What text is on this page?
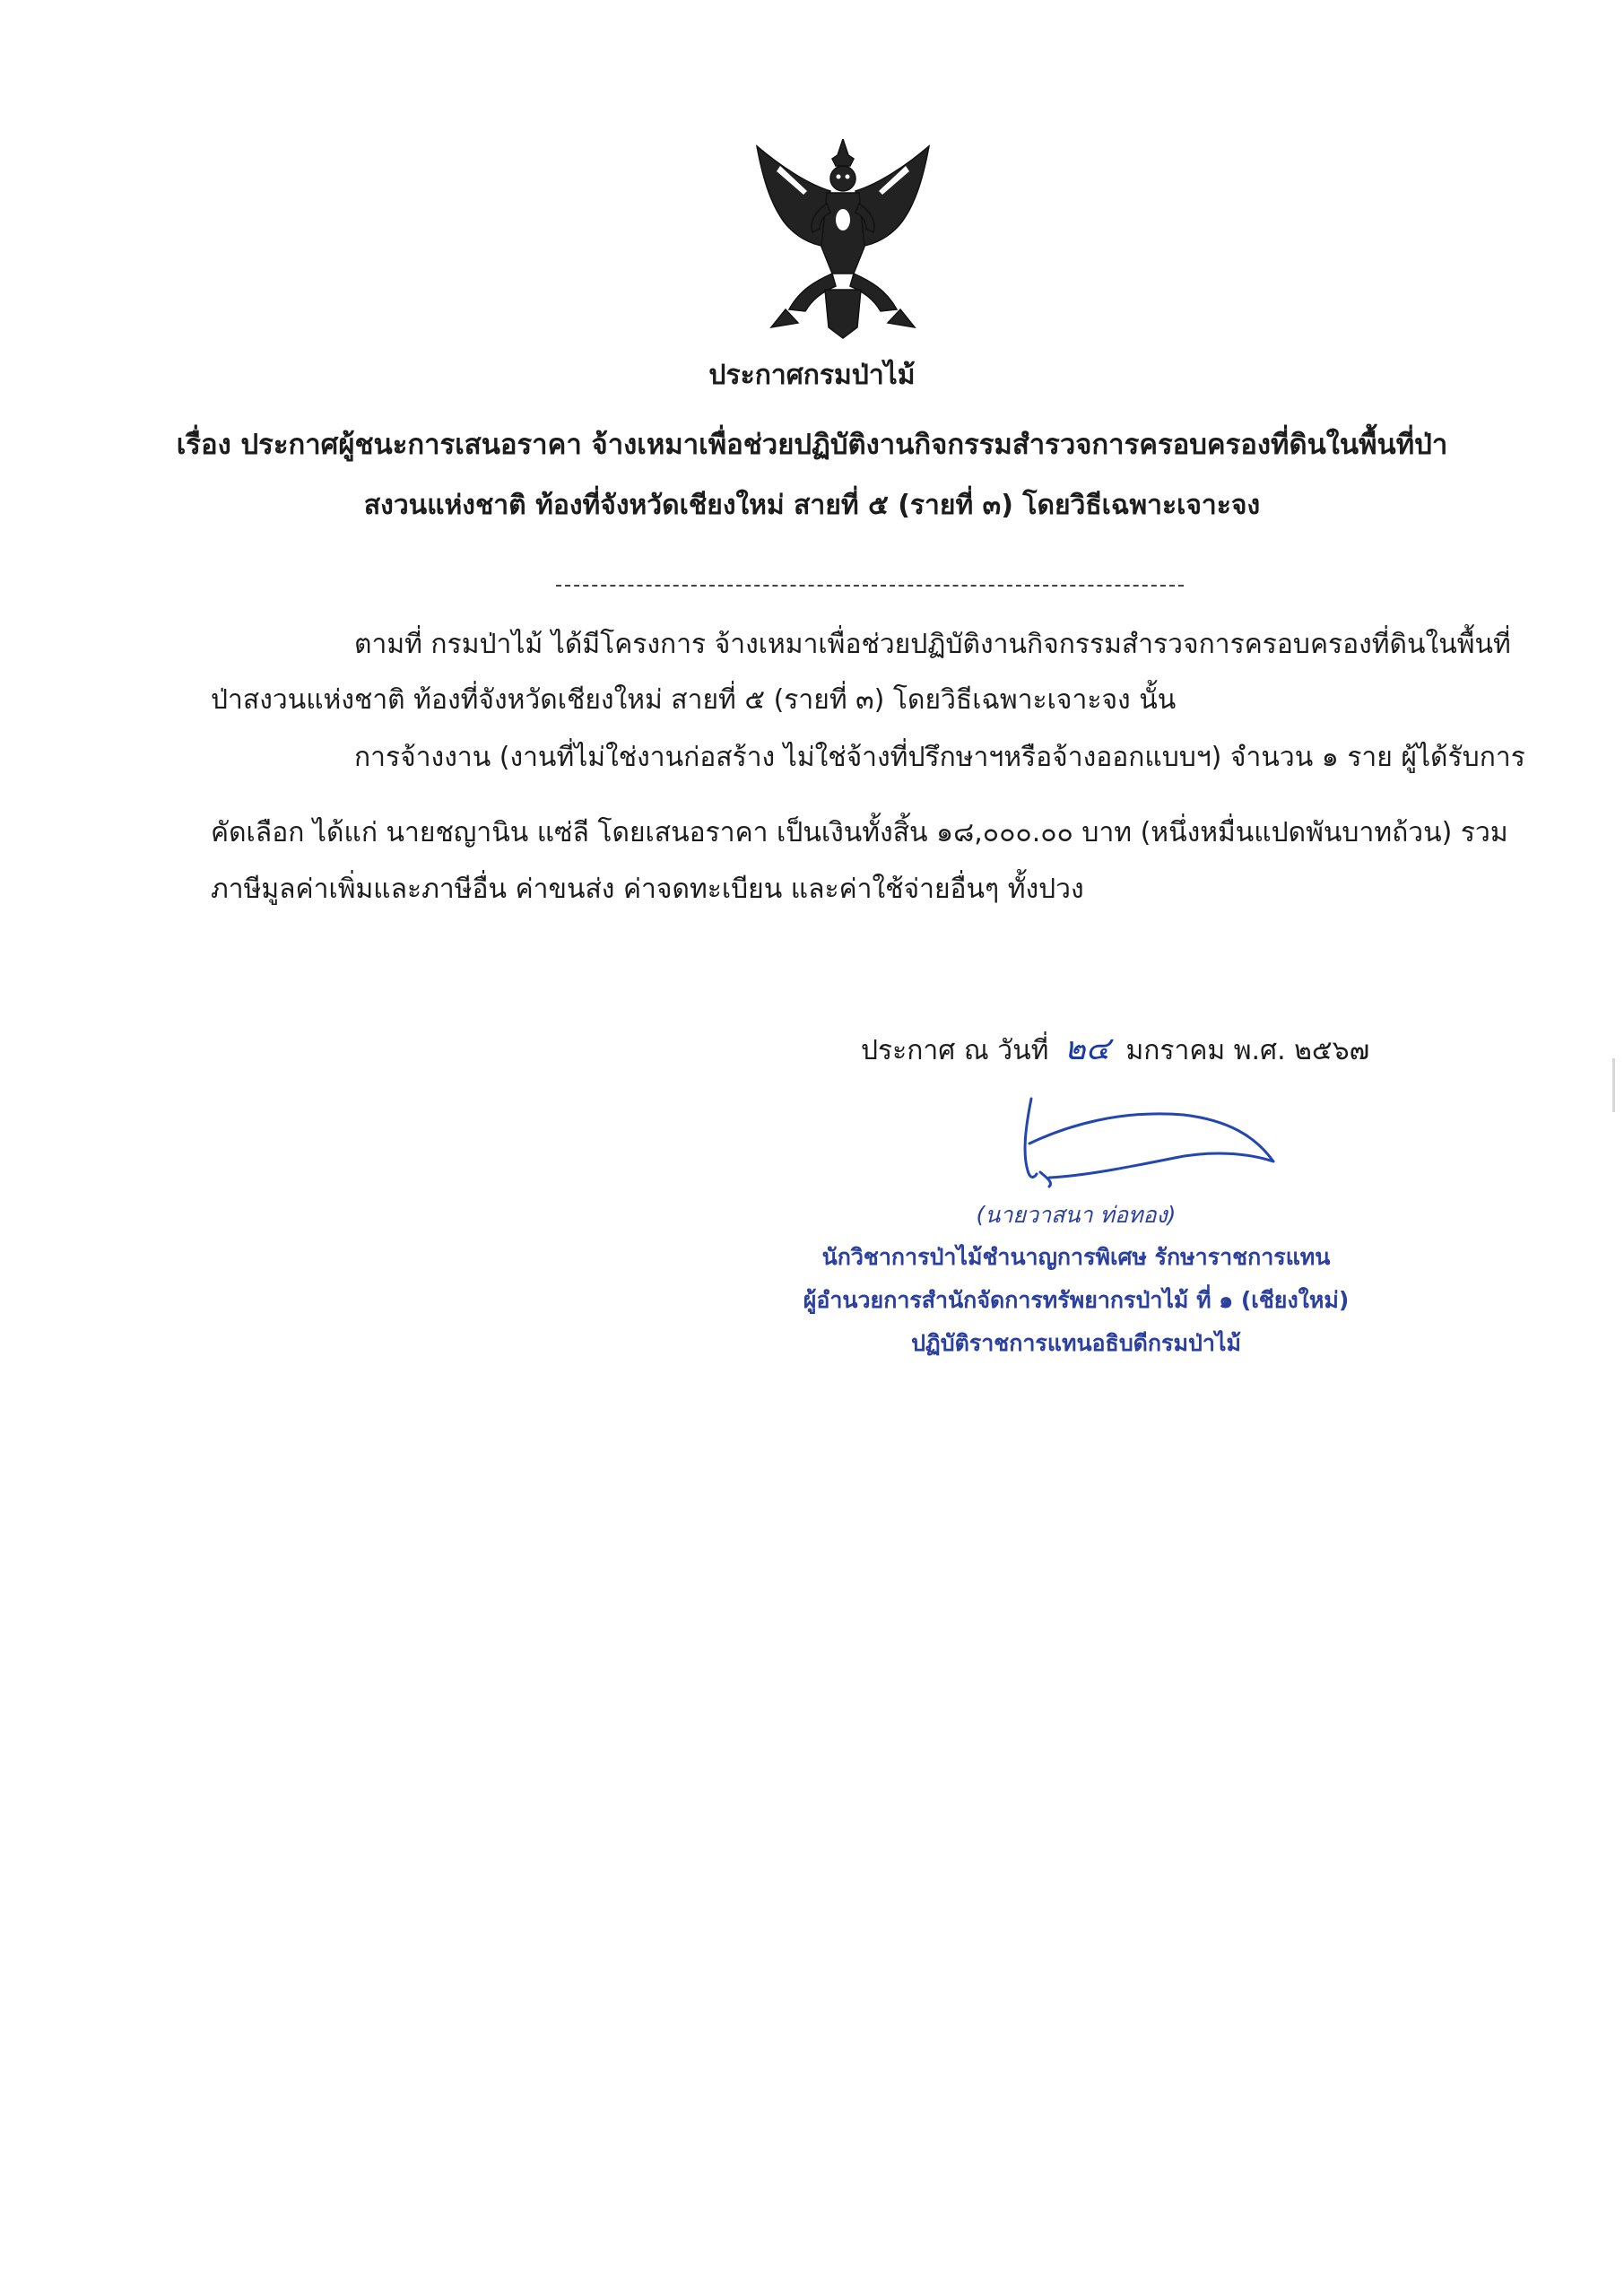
ประกาศกรมป่าไม้
เรื่อง ประกาศผู้ชนะการเสนอราคา จ้างเหมาเพื่อช่วยปฏิบัติงานกิจกรรมสำรวจการครอบครองที่ดินในพื้นที่ป่า
สงวนแห่งชาติ ท้องที่จังหวัดเชียงใหม่ สายที่ ๕ (รายที่ ๓) โดยวิธีเฉพาะเจาะจง
ตามที่ กรมป่าไม้ ได้มีโครงการ จ้างเหมาเพื่อช่วยปฏิบัติงานกิจกรรมสำรวจการครอบครองที่ดินในพื้นที่
ป่าสงวนแห่งชาติ ท้องที่จังหวัดเชียงใหม่ สายที่ ๕ (รายที่ ๓) โดยวิธีเฉพาะเจาะจง นั้น
การจ้างงาน (งานที่ไม่ใช่งานก่อสร้าง ไม่ใช่จ้างที่ปรึกษาฯหรือจ้างออกแบบฯ) จำนวน ๑ ราย ผู้ได้รับการ
คัดเลือก ได้แก่ นายชญานิน แซ่ลี โดยเสนอราคา เป็นเงินทั้งสิ้น ๑๘,๐๐๐.๐๐ บาท (หนึ่งหมื่นแปดพันบาทถ้วน) รวม
ภาษีมูลค่าเพิ่มและภาษีอื่น ค่าขนส่ง ค่าจดทะเบียน และค่าใช้จ่ายอื่นๆ ทั้งปวง
ประกาศ ณ วันที่ ๒๔ มกราคม พ.ศ. ๒๕๖๗
(นายวาสนา ท่อทอง)
นักวิชาการป่าไม้ชำนาญการพิเศษ รักษาราชการแทน
ผู้อำนวยการสำนักจัดการทรัพยากรป่าไม้ ที่ ๑ (เชียงใหม่)
ปฏิบัติราชการแทนอธิบดีกรมป่าไม้
